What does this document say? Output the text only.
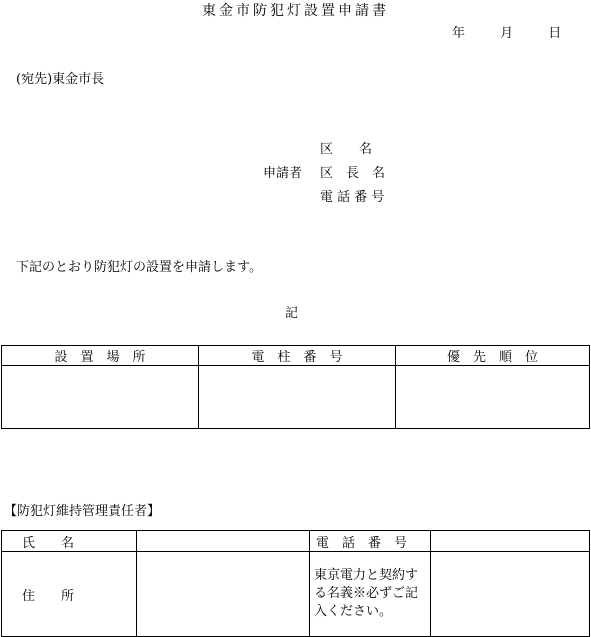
東金市防犯灯設置申請書
年	月	日
(宛先)東金市長
区　　名
申請者 区　長　名
電 話 番 号
下記のとおり防犯灯の設置を申請します。
記
設　置　場　所	電　柱　番　号	優　先　順　位

【防犯灯維持管理責任者】
氏　　名		電　話　番　号	
住　　所		東京電力と契約する名義※必ずご記入ください。	
